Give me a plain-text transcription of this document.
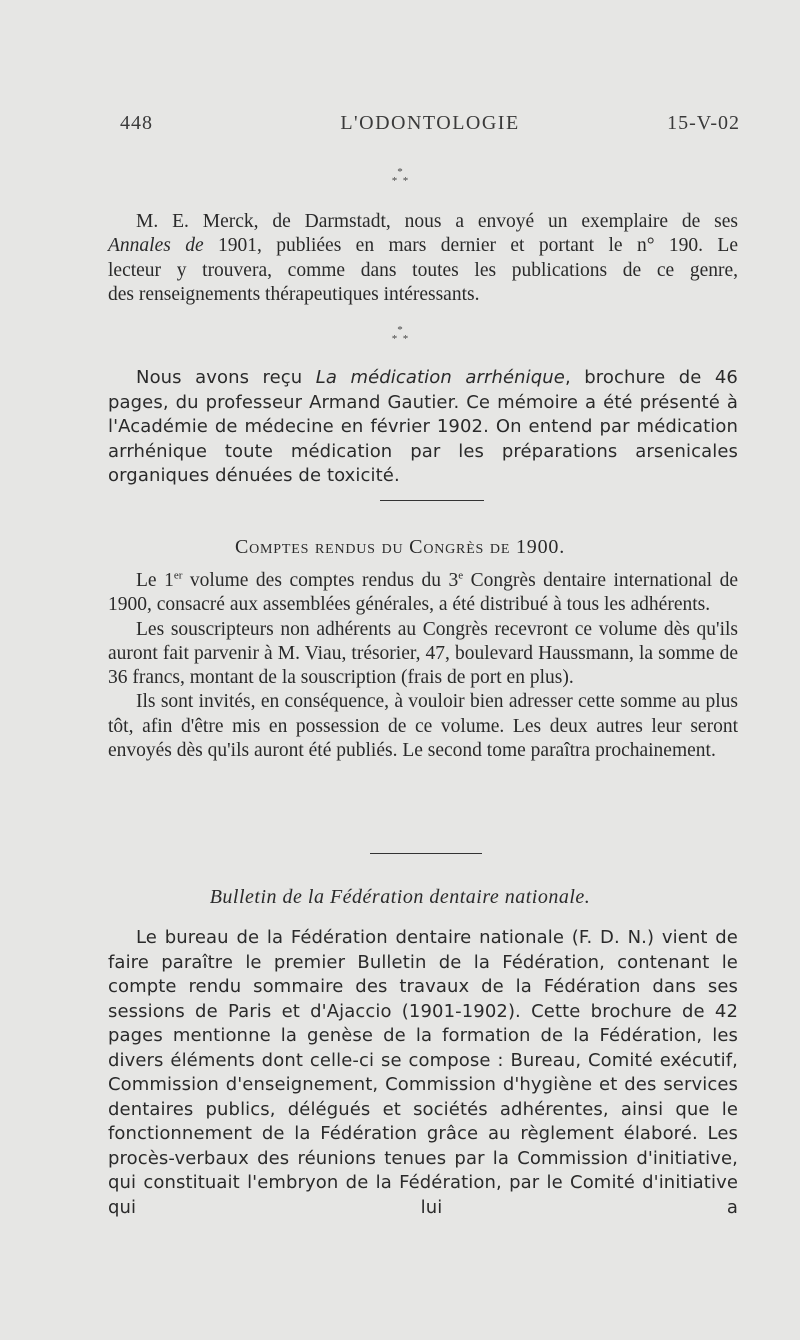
448	L'ODONTOLOGIE	15-V-02
*
* *

M. E. Merck, de Darmstadt, nous a envoyé un exemplaire de ses

Annales de 1901, publiées en mars dernier et portant le n° 190. Le

lecteur y trouvera, comme dans toutes les publications de ce genre,

des renseignements thérapeutiques intéressants.

*
* *

Nous avons reçu La médication arrhénique, brochure de 46 pages, du professeur Armand Gautier. Ce mémoire a été présenté à l'Académie de médecine en février 1902. On entend par médication arrhénique toute médication par les préparations arsenicales organiques dénuées de toxicité.

Comptes rendus du Congrès de 1900.

Le 1er volume des comptes rendus du 3e Congrès dentaire international de 1900, consacré aux assemblées générales, a été distribué à tous les adhérents.

Les souscripteurs non adhérents au Congrès recevront ce volume dès qu'ils auront fait parvenir à M. Viau, trésorier, 47, boulevard Haussmann, la somme de 36 francs, montant de la souscription (frais de port en plus).

Ils sont invités, en conséquence, à vouloir bien adresser cette somme au plus tôt, afin d'être mis en possession de ce volume. Les deux autres leur seront envoyés dès qu'ils auront été publiés. Le second tome paraîtra prochainement.

Bulletin de la Fédération dentaire nationale.

Le bureau de la Fédération dentaire nationale (F. D. N.) vient de faire paraître le premier Bulletin de la Fédération, contenant le compte rendu sommaire des travaux de la Fédération dans ses sessions de Paris et d'Ajaccio (1901-1902). Cette brochure de 42 pages mentionne la genèse de la formation de la Fédération, les divers éléments dont celle-ci se compose : Bureau, Comité exécutif, Commission d'enseignement, Commission d'hygiène et des services dentaires publics, délégués et sociétés adhérentes, ainsi que le fonctionnement de la Fédération grâce au règlement élaboré. Les procès-verbaux des réunions tenues par la Commission d'initiative, qui constituait l'embryon de la Fédération, par le Comité d'initiative qui lui a
